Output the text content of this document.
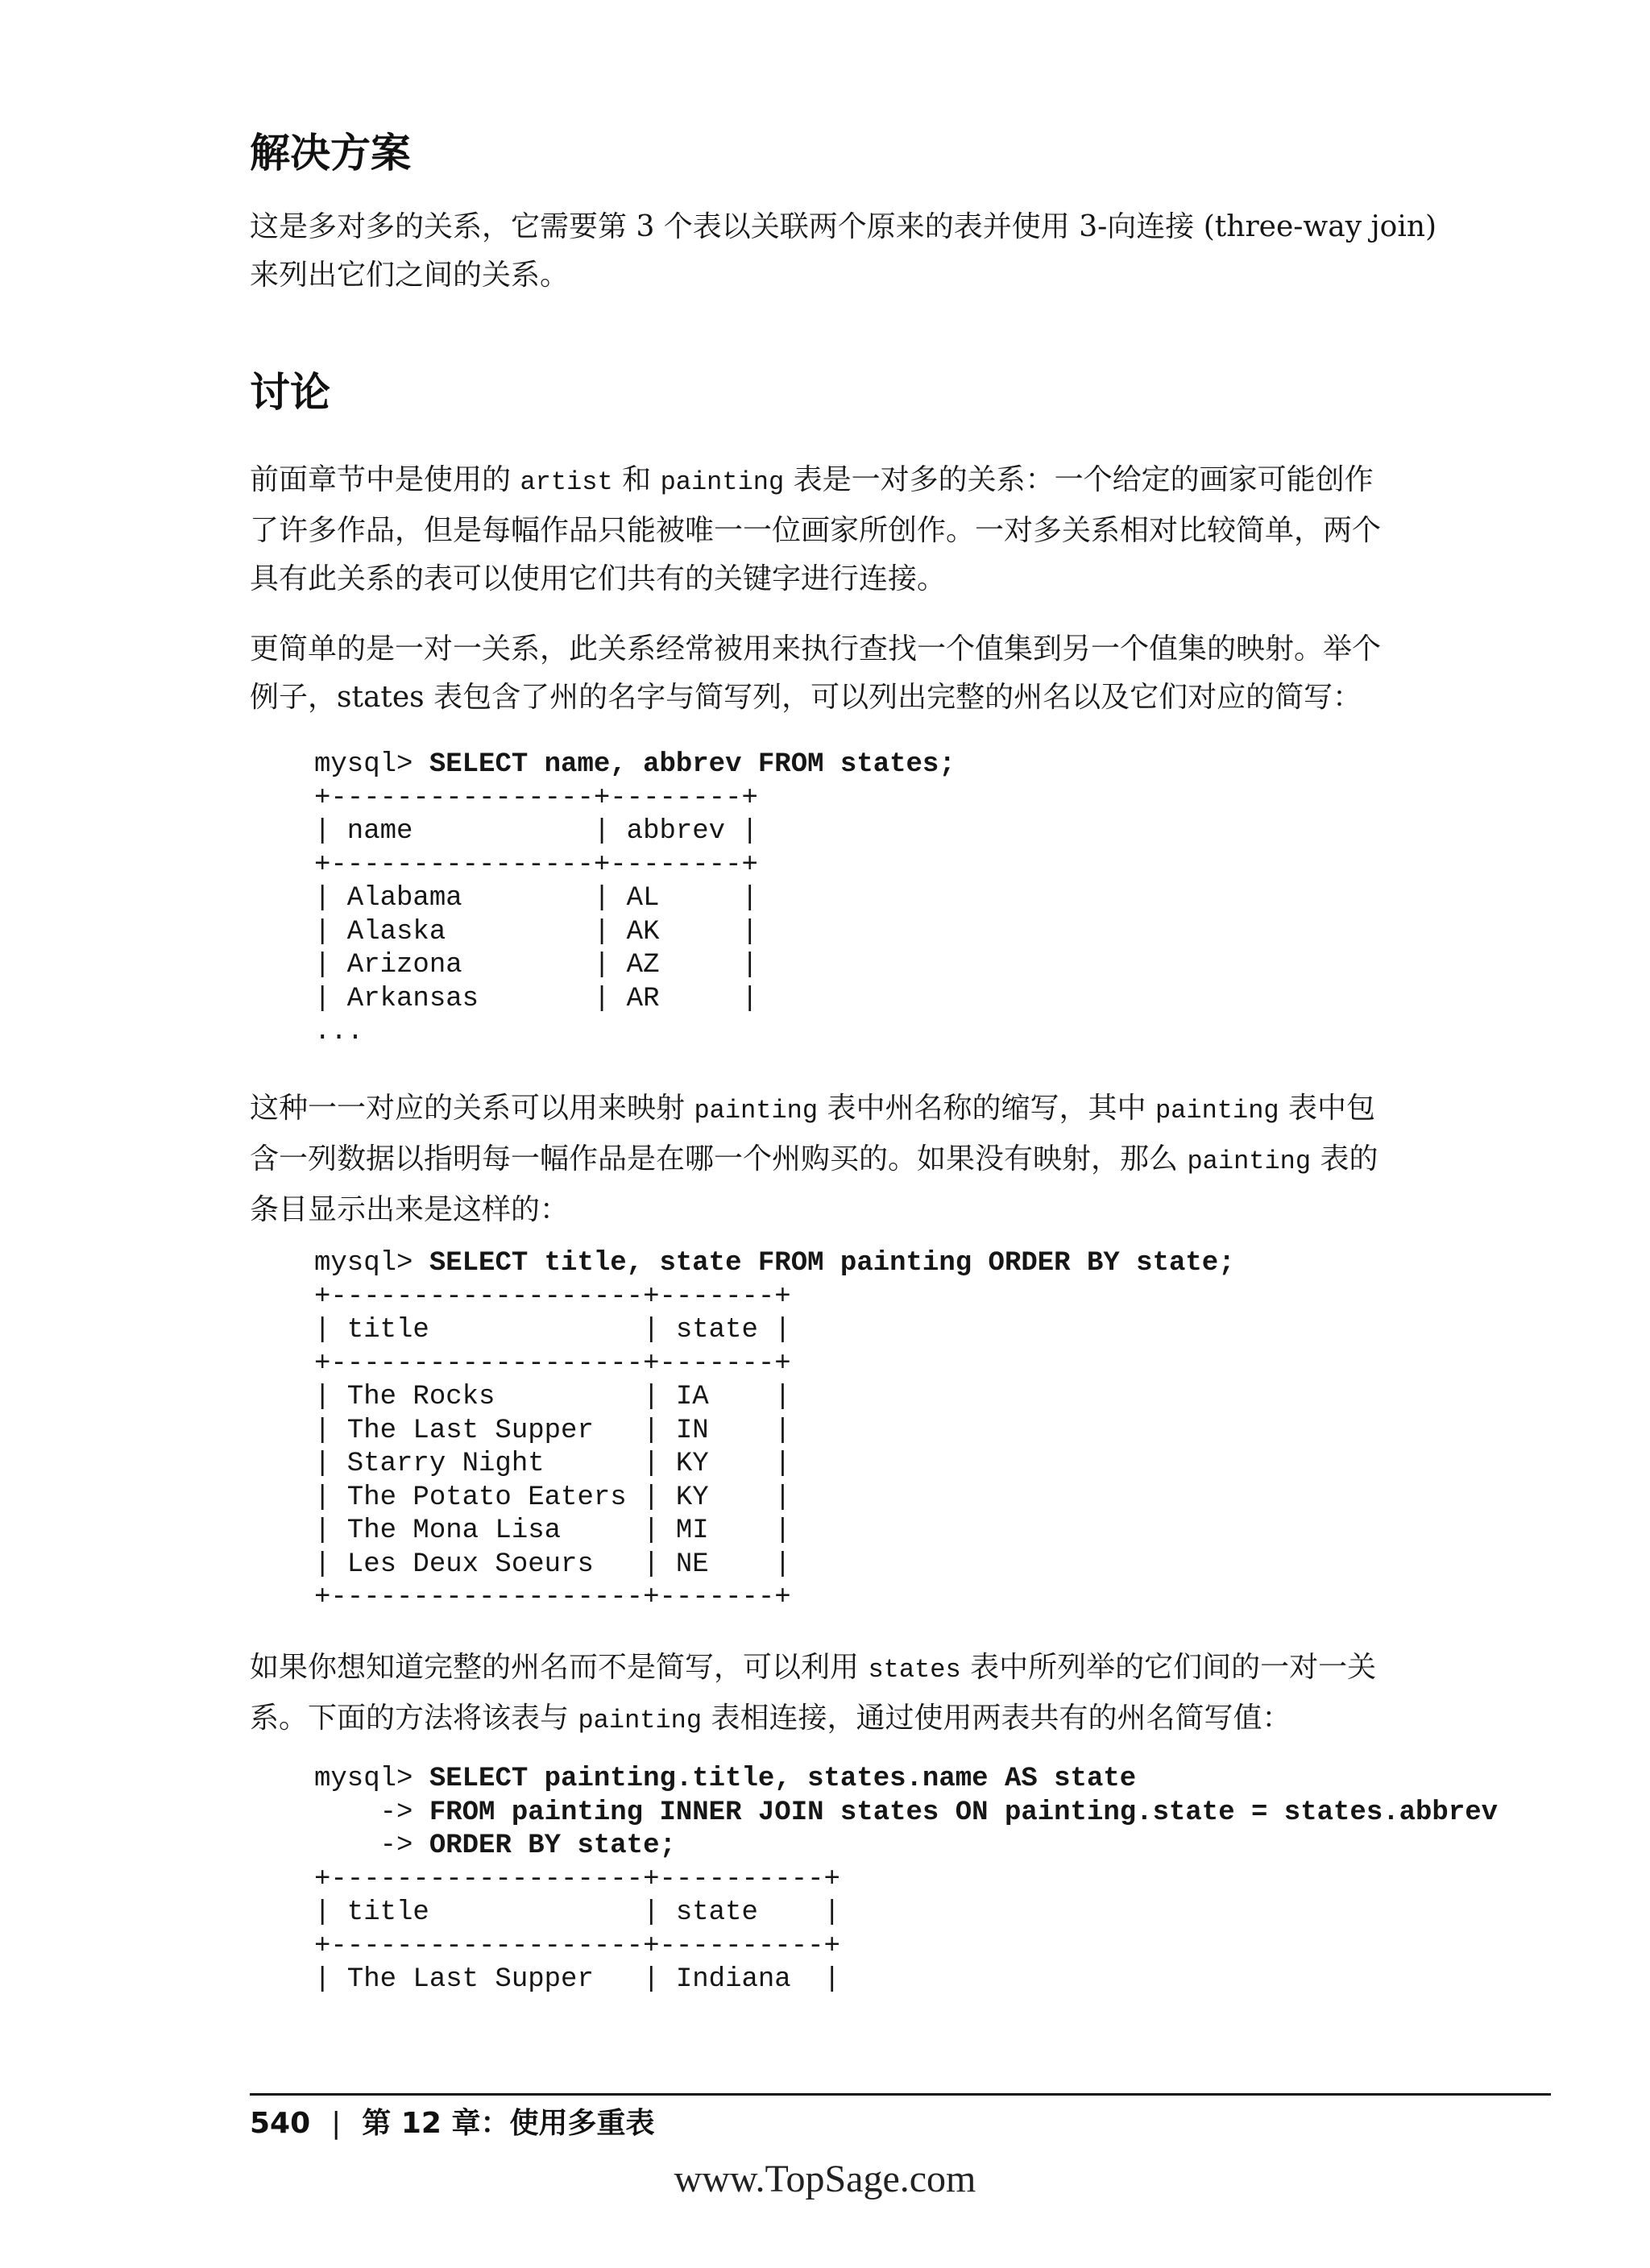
解决方案
这是多对多的关系，它需要第 3 个表以关联两个原来的表并使用 3-向连接 (three-way join)
来列出它们之间的关系。
讨论
前面章节中是使用的 artist 和 painting 表是一对多的关系：一个给定的画家可能创作
了许多作品，但是每幅作品只能被唯一一位画家所创作。一对多关系相对比较简单，两个
具有此关系的表可以使用它们共有的关键字进行连接。
更简单的是一对一关系，此关系经常被用来执行查找一个值集到另一个值集的映射。举个
例子，states 表包含了州的名字与简写列，可以列出完整的州名以及它们对应的简写：
mysql> SELECT name, abbrev FROM states;
+----------------+--------+
| name           | abbrev |
+----------------+--------+
| Alabama        | AL     |
| Alaska         | AK     |
| Arizona        | AZ     |
| Arkansas       | AR     |
...
这种一一对应的关系可以用来映射 painting 表中州名称的缩写，其中 painting 表中包
含一列数据以指明每一幅作品是在哪一个州购买的。如果没有映射，那么 painting 表的
条目显示出来是这样的：
mysql> SELECT title, state FROM painting ORDER BY state;
+-------------------+-------+
| title             | state |
+-------------------+-------+
| The Rocks         | IA    |
| The Last Supper   | IN    |
| Starry Night      | KY    |
| The Potato Eaters | KY    |
| The Mona Lisa     | MI    |
| Les Deux Soeurs   | NE    |
+-------------------+-------+
如果你想知道完整的州名而不是简写，可以利用 states 表中所列举的它们间的一对一关
系。下面的方法将该表与 painting 表相连接，通过使用两表共有的州名简写值：
mysql> SELECT painting.title, states.name AS state
-> FROM painting INNER JOIN states ON painting.state = states.abbrev
-> ORDER BY state;
+-------------------+----------+
| title             | state    |
+-------------------+----------+
| The Last Supper   | Indiana  |
540 | 第 12 章：使用多重表
www.TopSage.com
